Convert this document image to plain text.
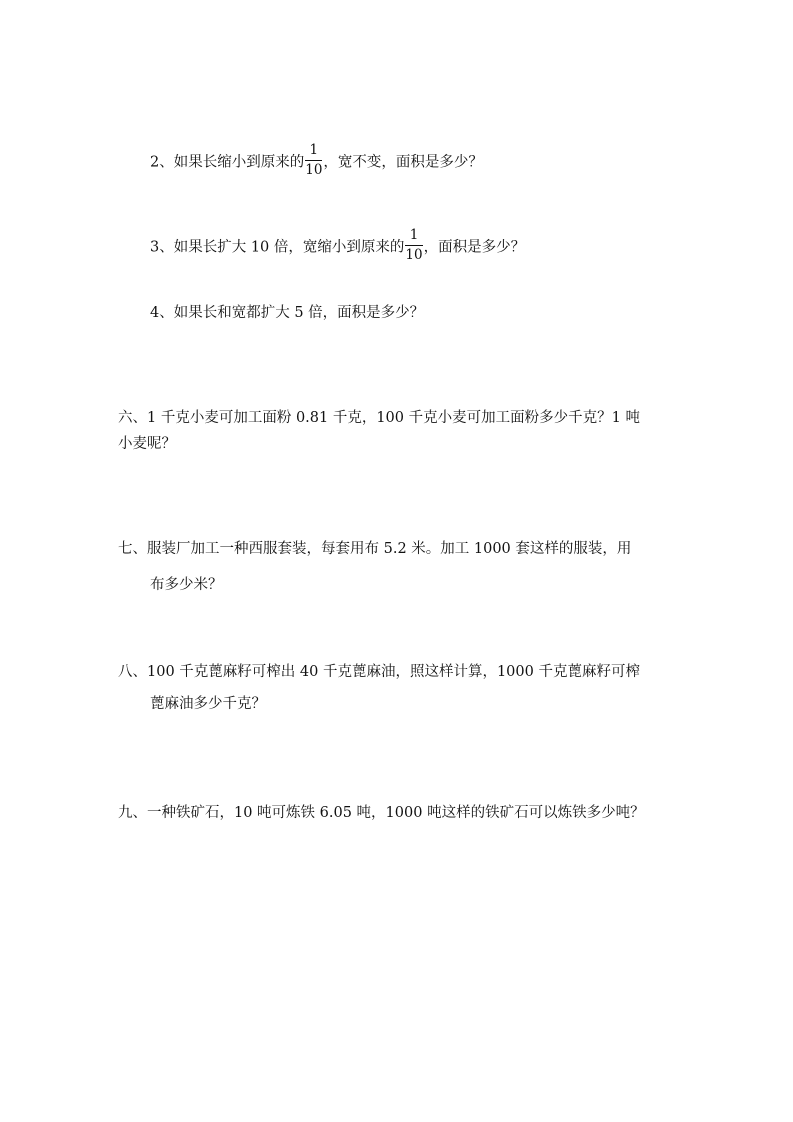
2、如果长缩小到原来的 $\frac{1}{10}$ ，宽不变，面积是多少？
3、如果长扩大 10 倍，宽缩小到原来的 $\frac{1}{10}$ ，面积是多少？
4、如果长和宽都扩大 5 倍，面积是多少？
六、1 千克小麦可加工面粉 0.81 千克，100 千克小麦可加工面粉多少千克？1 吨
小麦呢？
七、服装厂加工一种西服套装，每套用布 5.2 米。加工 1000 套这样的服装，用
布多少米？
八、100 千克蓖麻籽可榨出 40 千克蓖麻油，照这样计算，1000 千克蓖麻籽可榨
蓖麻油多少千克？
九、一种铁矿石，10 吨可炼铁 6.05 吨，1000 吨这样的铁矿石可以炼铁多少吨？
